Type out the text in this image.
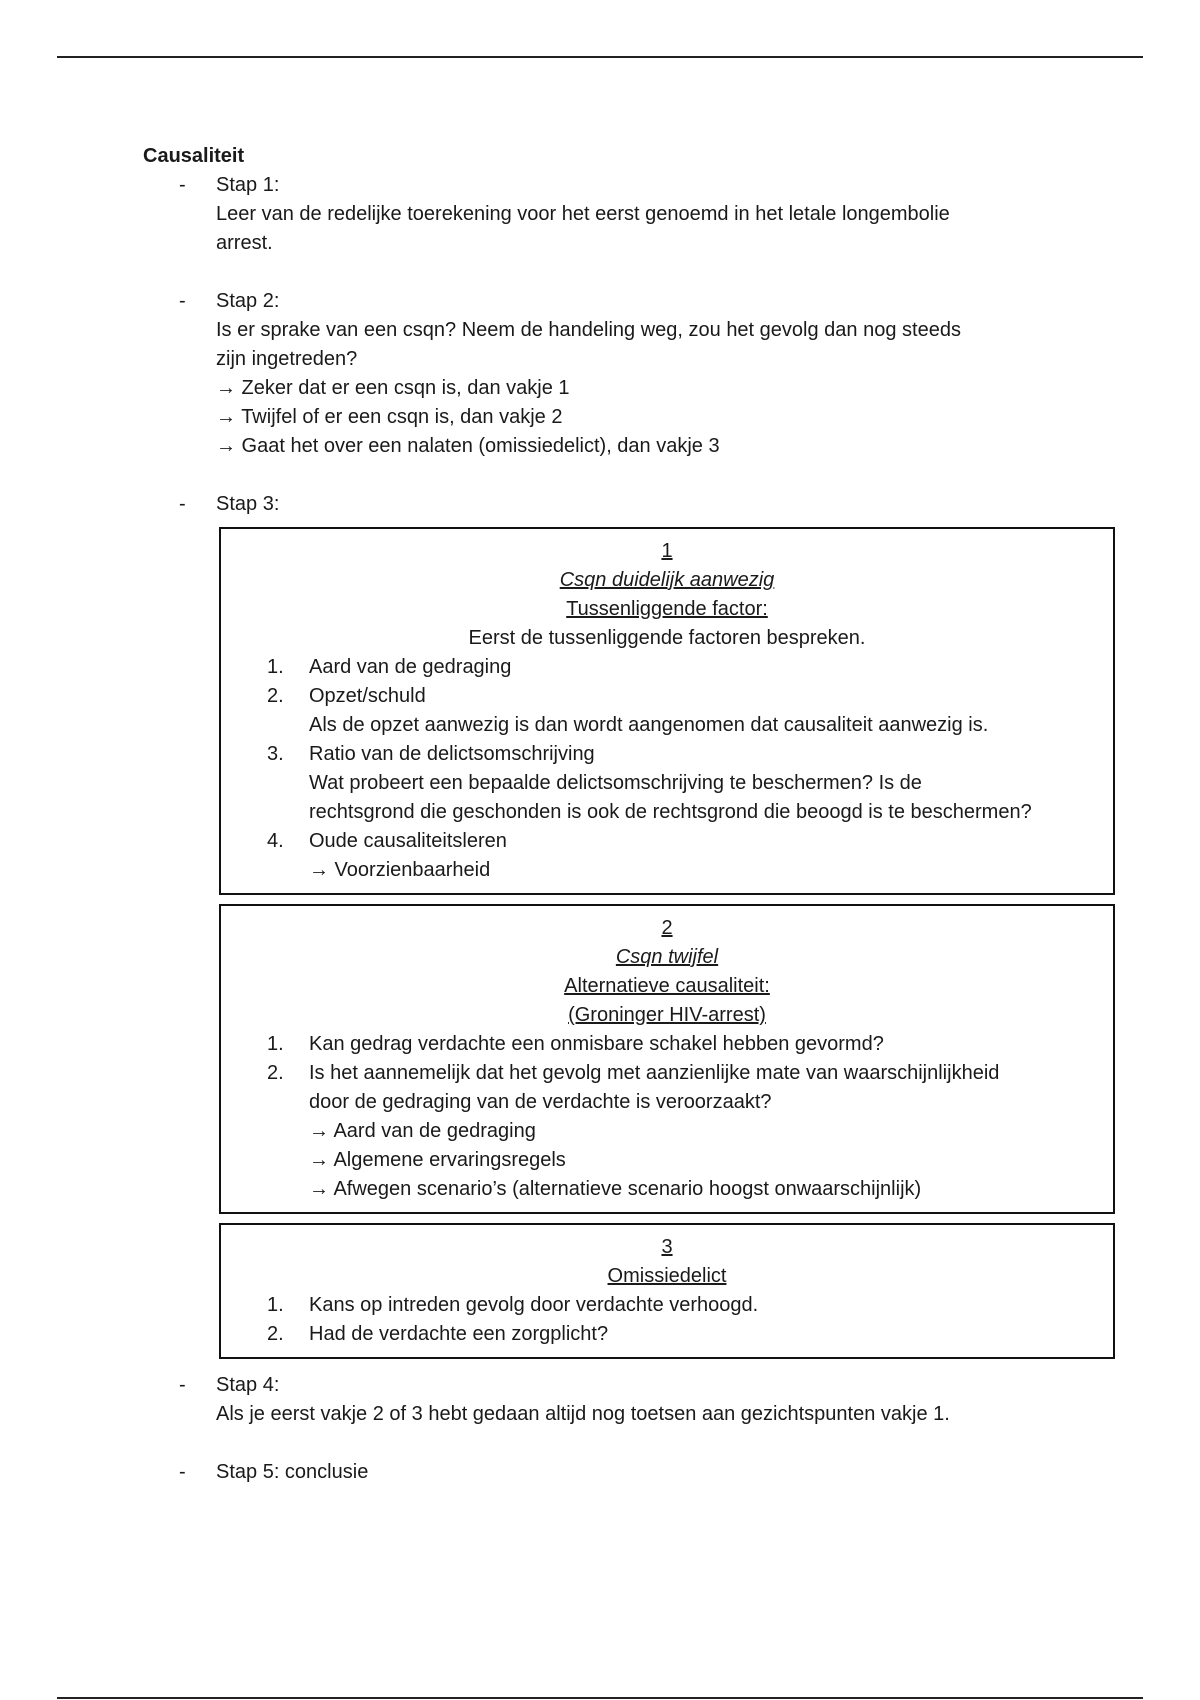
Causaliteit

- Stap 1:
Leer van de redelijke toerekening voor het eerst genoemd in het letale longembolie
arrest.
- Stap 2:
Is er sprake van een csqn? Neem de handeling weg, zou het gevolg dan nog steeds
zijn ingetreden?
→ Zeker dat er een csqn is, dan vakje 1
→ Twijfel of er een csqn is, dan vakje 2
→ Gaat het over een nalaten (omissiedelict), dan vakje 3
- Stap 3:
1
Csqn duidelijk aanwezig
Tussenliggende factor:
Eerst de tussenliggende factoren bespreken.
1. Aard van de gedraging
2. Opzet/schuld
Als de opzet aanwezig is dan wordt aangenomen dat causaliteit aanwezig is.
3. Ratio van de delictsomschrijving
Wat probeert een bepaalde delictsomschrijving te beschermen? Is de
rechtsgrond die geschonden is ook de rechtsgrond die beoogd is te beschermen?
4. Oude causaliteitsleren
→ Voorzienbaarheid
2
Csqn twijfel
Alternatieve causaliteit:
(Groninger HIV-arrest)
1. Kan gedrag verdachte een onmisbare schakel hebben gevormd?
2. Is het aannemelijk dat het gevolg met aanzienlijke mate van waarschijnlijkheid
door de gedraging van de verdachte is veroorzaakt?
→ Aard van de gedraging
→ Algemene ervaringsregels
→ Afwegen scenario’s (alternatieve scenario hoogst onwaarschijnlijk)
3
Omissiedelict
1. Kans op intreden gevolg door verdachte verhoogd.
2. Had de verdachte een zorgplicht?
- Stap 4:
Als je eerst vakje 2 of 3 hebt gedaan altijd nog toetsen aan gezichtspunten vakje 1.
- Stap 5: conclusie
